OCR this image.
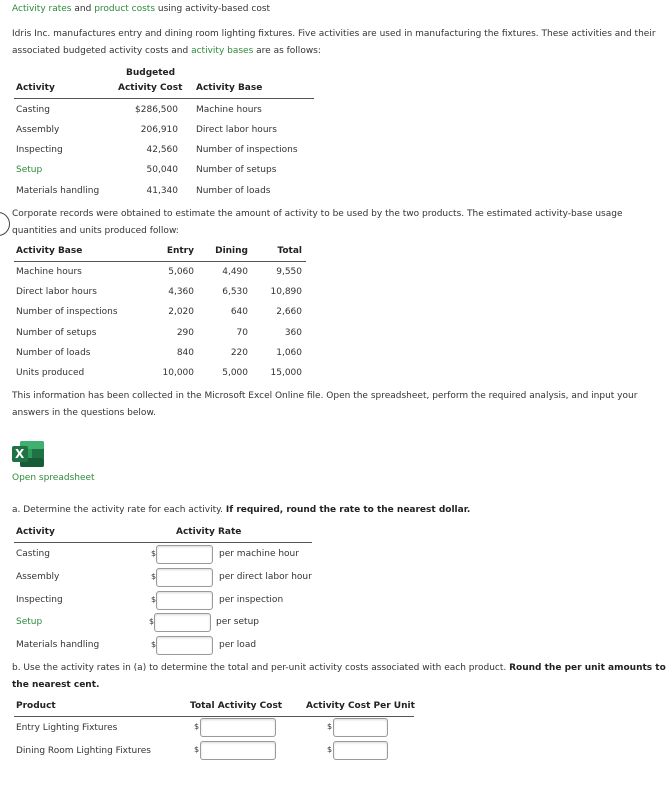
Activity rates and product costs using activity-based cost
Idris Inc. manufactures entry and dining room lighting fixtures. Five activities are used in manufacturing the fixtures. These activities and their associated budgeted activity costs and activity bases are as follows:
Budgeted
Activity	Activity Cost Activity Base
Casting	$286,500 Machine hours
Assembly	206,910 Direct labor hours
Inspecting	42,560 Number of inspections
Setup	50,040 Number of setups
Materials handling	41,340 Number of loads
Corporate records were obtained to estimate the amount of activity to be used by the two products. The estimated activity-base usage quantities and units produced follow:
Activity Base	Entry	Dining	Total
Machine hours	5,060	4,490	9,550
Direct labor hours	4,360	6,530	10,890
Number of inspections	2,020	640	2,660
Number of setups	290	70	360
Number of loads	840	220	1,060
Units produced	10,000	5,000	15,000
This information has been collected in the Microsoft Excel Online file. Open the spreadsheet, perform the required analysis, and input your answers in the questions below.
X
Open spreadsheet
a. Determine the activity rate for each activity. If required, round the rate to the nearest dollar.
Activity	Activity Rate
Casting	$	per machine hour
Assembly	$	per direct labor hour
Inspecting	$	per inspection
Setup	$	per setup
Materials handling	$	per load
b. Use the activity rates in (a) to determine the total and per-unit activity costs associated with each product. Round the per unit amounts to the nearest cent.
Product	Total Activity Cost	Activity Cost Per Unit
Entry Lighting Fixtures	$	$
Dining Room Lighting Fixtures	$	$
